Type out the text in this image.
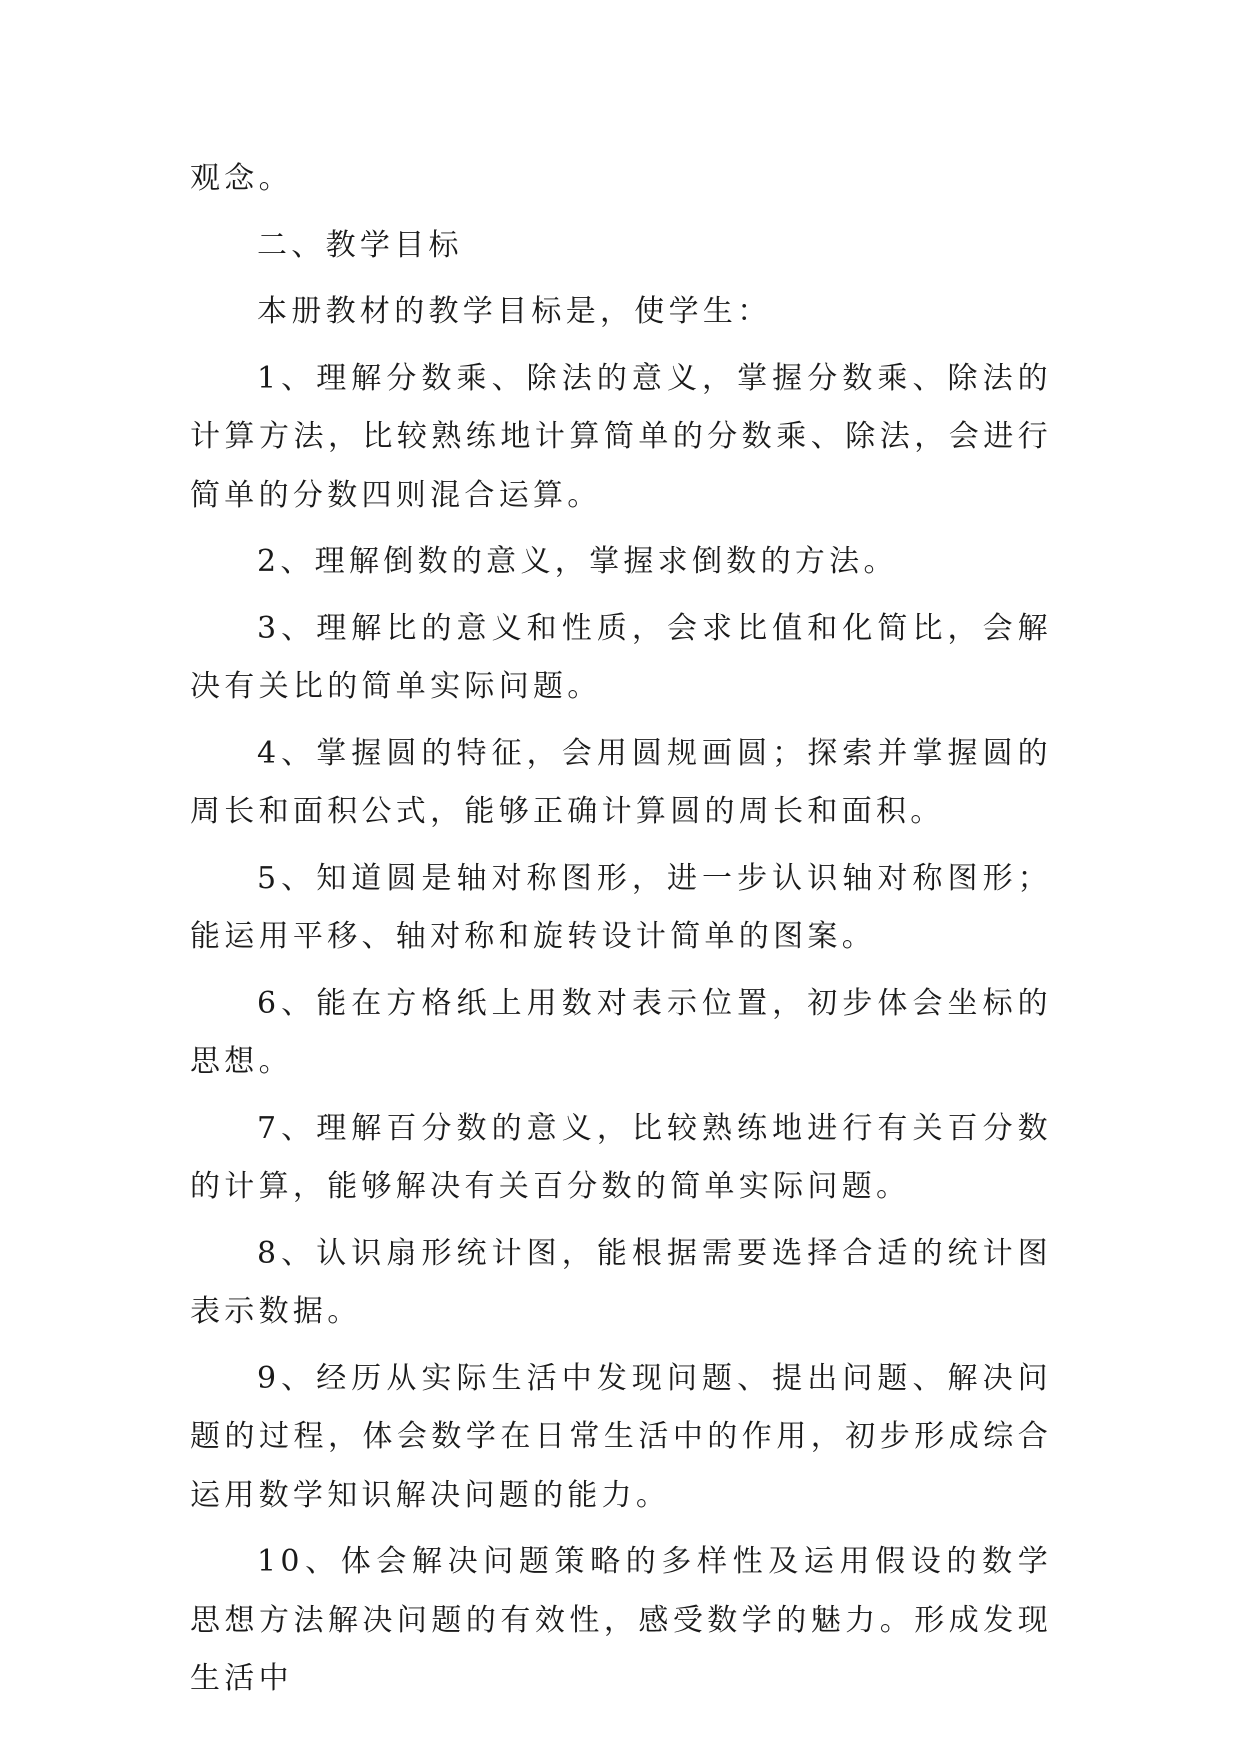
观念。

二、教学目标

本册教材的教学目标是，使学生：

1、理解分数乘、除法的意义，掌握分数乘、除法的计算方法，比较熟练地计算简单的分数乘、除法，会进行简单的分数四则混合运算。

2、理解倒数的意义，掌握求倒数的方法。

3、理解比的意义和性质，会求比值和化简比，会解决有关比的简单实际问题。

4、掌握圆的特征，会用圆规画圆；探索并掌握圆的周长和面积公式，能够正确计算圆的周长和面积。

5、知道圆是轴对称图形，进一步认识轴对称图形；能运用平移、轴对称和旋转设计简单的图案。

6、能在方格纸上用数对表示位置，初步体会坐标的思想。

7、理解百分数的意义，比较熟练地进行有关百分数的计算，能够解决有关百分数的简单实际问题。

8、认识扇形统计图，能根据需要选择合适的统计图表示数据。

9、经历从实际生活中发现问题、提出问题、解决问题的过程，体会数学在日常生活中的作用，初步形成综合运用数学知识解决问题的能力。

10、体会解决问题策略的多样性及运用假设的数学思想方法解决问题的有效性，感受数学的魅力。形成发现生活中
